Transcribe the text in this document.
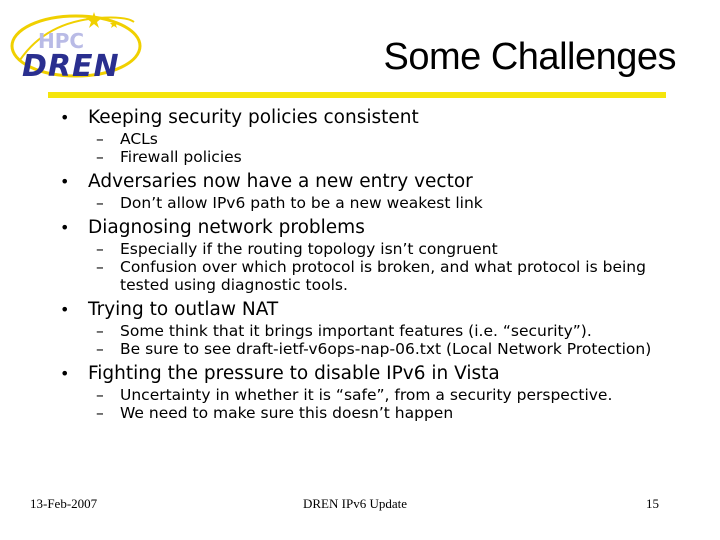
HPC
DREN	Some Challenges
• Keeping security policies consistent
– ACLs
– Firewall policies
• Adversaries now have a new entry vector
– Don’t allow IPv6 path to be a new weakest link
• Diagnosing network problems
– Especially if the routing topology isn’t congruent
– Confusion over which protocol is broken, and what protocol is being tested using diagnostic tools.
• Trying to outlaw NAT
– Some think that it brings important features (i.e. “security”).
– Be sure to see draft-ietf-v6ops-nap-06.txt (Local Network Protection)
• Fighting the pressure to disable IPv6 in Vista
– Uncertainty in whether it is “safe”, from a security perspective.
– We need to make sure this doesn’t happen
13-Feb-2007	DREN IPv6 Update	15
